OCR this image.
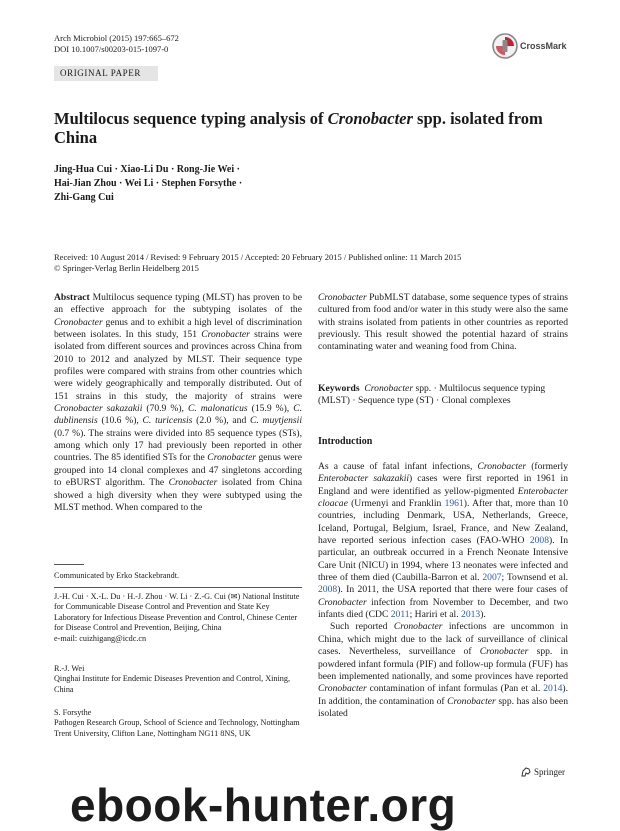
Arch Microbiol (2015) 197:665–672
DOI 10.1007/s00203-015-1097-0	CrossMark
ORIGINAL PAPER
Multilocus sequence typing analysis of Cronobacter spp. isolated from China
Jing-Hua Cui · Xiao-Li Du · Rong-Jie Wei ·
Hai-Jian Zhou · Wei Li · Stephen Forsythe ·
Zhi-Gang Cui
Received: 10 August 2014 / Revised: 9 February 2015 / Accepted: 20 February 2015 / Published online: 11 March 2015
© Springer-Verlag Berlin Heidelberg 2015

Abstract Multilocus sequence typing (MLST) has proven to be an effective approach for the subtyping isolates of the Cronobacter genus and to exhibit a high level of discrimination between isolates. In this study, 151 Cronobacter strains were isolated from different sources and provinces across China from 2010 to 2012 and analyzed by MLST. Their sequence type profiles were compared with strains from other countries which were widely geographically and temporally distributed. Out of 151 strains in this study, the majority of strains were Cronobacter sakazakii (70.9 %), C. malonaticus (15.9 %), C. dublinensis (10.6 %), C. turicensis (2.0 %), and C. muytjensii (0.7 %). The strains were divided into 85 sequence types (STs), among which only 17 had previously been reported in other countries. The 85 identified STs for the Cronobacter genus were grouped into 14 clonal complexes and 47 singletons according to eBURST algorithm. The Cronobacter isolated from China showed a high diversity when they were subtyped using the MLST method. When compared to the

Communicated by Erko Stackebrandt.
J.-H. Cui · X.-L. Du · H.-J. Zhou · W. Li · Z.-G. Cui (✉) National Institute for Communicable Disease Control and Prevention and State Key Laboratory for Infectious Disease Prevention and Control, Chinese Center for Disease Control and Prevention, Beijing, China
e-mail: cuizhigang@icdc.cn
R.-J. Wei
Qinghai Institute for Endemic Diseases Prevention and Control, Xining, China
S. Forsythe
Pathogen Research Group, School of Science and Technology, Nottingham Trent University, Clifton Lane, Nottingham NG11 8NS, UK

Cronobacter PubMLST database, some sequence types of strains cultured from food and/or water in this study were also the same with strains isolated from patients in other countries as reported previously. This result showed the potential hazard of strains contaminating water and weaning food from China.

Keywords Cronobacter spp. · Multilocus sequence typing (MLST) · Sequence type (ST) · Clonal complexes
Introduction

As a cause of fatal infant infections, Cronobacter (formerly Enterobacter sakazakii) cases were first reported in 1961 in England and were identified as yellow-pigmented Enterobacter cloacae (Urmenyi and Franklin 1961). After that, more than 10 countries, including Denmark, USA, Netherlands, Greece, Iceland, Portugal, Belgium, Israel, France, and New Zealand, have reported serious infection cases (FAO-WHO 2008). In particular, an outbreak occurred in a French Neonate Intensive Care Unit (NICU) in 1994, where 13 neonates were infected and three of them died (Caubilla-Barron et al. 2007; Townsend et al. 2008). In 2011, the USA reported that there were four cases of Cronobacter infection from November to December, and two infants died (CDC 2011; Hariri et al. 2013).

Such reported Cronobacter infections are uncommon in China, which might due to the lack of surveillance of clinical cases. Nevertheless, surveillance of Cronobacter spp. in powdered infant formula (PIF) and follow-up formula (FUF) has been implemented nationally, and some provinces have reported Cronobacter contamination of infant formulas (Pan et al. 2014). In addition, the contamination of Cronobacter spp. has also been isolated

Springer
ebook-hunter.org
